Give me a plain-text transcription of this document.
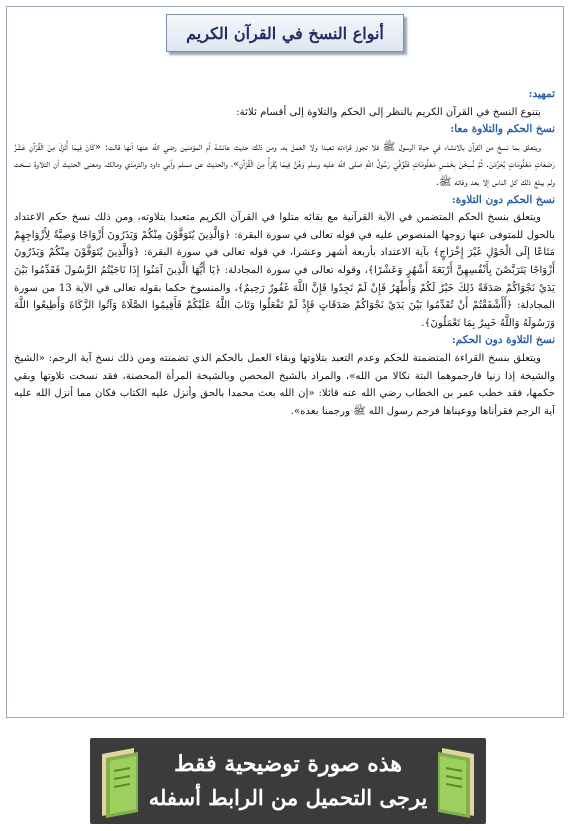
أنواع النسخ في القرآن الكريم
تمهيد:

يتنوع النسخ في القرآن الكريم بالنظر إلى الحكم والتلاوة إلى أقسام ثلاثة:

نسخ الحكم والتلاوة معا:

ويتعلق بما نسخ من القرآن بالانشاء في حياة الرسول ﷺ فلا تجوز قراءته تعبدا ولا العمل به، ومن ذلك حديث عائشة أم المؤمنين رضي الله عنها أنها قالت: «كَانَ فِيمَا أُنْزِلَ مِنَ الْقُرْآنِ عَشْرُ رَضَعَاتٍ مَعْلُومَاتٍ يُحَرِّمْنَ. ثُمَّ نُسِخْنَ بِخَمْسٍ مَعْلُومَاتٍ فَتُوُفِّيَ رَسُولُ اللَّهِ صلى الله عليه وسلم وَهُنَّ فِيمَا يُقْرَأُ مِنَ الْقُرْآنِ»، والحديث عن مسلم وأبي داود والترمذي ومالك، ومعنى الحديث أن التلاوة نسخت ولم يبلغ ذلك كل الناس إلا بعد وفاته ﷺ.

نسخ الحكم دون التلاوة:

ويتعلق بنسخ الحكم المتضمن في الآية القرآنية مع بقائه متلوا في القرآن الكريم متعبدا بتلاوته، ومن ذلك نسخ حكم الاعتداد بالحول للمتوفى عنها زوجها المنصوص عليه في قوله تعالى في سورة البقرة: ﴿وَالَّذِينَ يُتَوَفَّوْنَ مِنْكُمْ وَيَذَرُونَ أَزْوَاجًا وَصِيَّةً لِأَزْوَاجِهِمْ مَتَاعًا إِلَى الْحَوْلِ غَيْرَ إِخْرَاجٍ﴾ بآية الاعتداد بأربعة أشهر وعشرا، في قوله تعالى في سورة البقرة: ﴿وَالَّذِينَ يُتَوَفَّوْنَ مِنْكُمْ وَيَذَرُونَ أَزْوَاجًا يَتَرَبَّصْنَ بِأَنْفُسِهِنَّ أَرْبَعَةَ أَشْهُرٍ وَعَشْرًا﴾، وقوله تعالى في سورة المجادلة: ﴿يَا أَيُّهَا الَّذِينَ آمَنُوا إِذَا نَاجَيْتُمُ الرَّسُولَ فَقَدِّمُوا بَيْنَ يَدَيْ نَجْوَاكُمْ صَدَقَةً ذَلِكَ خَيْرٌ لَكُمْ وَأَطْهَرُ فَإِنْ لَمْ تَجِدُوا فَإِنَّ اللَّهَ غَفُورٌ رَحِيمٌ﴾، والمنسوخ حكما بقوله تعالى في الآية 13 من سورة المجادلة: ﴿أَأَشْفَقْتُمْ أَنْ تُقَدِّمُوا بَيْنَ يَدَيْ نَجْوَاكُمْ صَدَقَاتٍ فَإِذْ لَمْ تَفْعَلُوا وَتَابَ اللَّهُ عَلَيْكُمْ فَأَقِيمُوا الصَّلَاةَ وَآتُوا الزَّكَاةَ وَأَطِيعُوا اللَّهَ وَرَسُولَهُ وَاللَّهُ خَبِيرٌ بِمَا تَعْمَلُونَ﴾.

نسخ التلاوة دون الحكم:

ويتعلق بنسخ القراءة المتضمنة للحكم وعدم التعبد بتلاوتها وبقاء العمل بالحكم الذي تضمنته ومن ذلك نسخ آية الرجم: «الشيخ والشيخة إذا زنيا فارجموهما البتة نكالا من الله»، والمراد بالشيخ المحصن وبالشيخة المرأة المحصنة، فقد نسخت تلاوتها وبقي حكمها، فقد خطب عمر بن الخطاب رضي الله عنه قائلا: «إن الله بعث محمدا بالحق وأنزل عليه الكتاب فكان مما أنزل الله عليه آية الرجم فقرأناها ووعيناها فرجم رسول الله ﷺ ورجمنا بعده».

هذه صورة توضيحية فقط
يرجى التحميل من الرابط أسفله
